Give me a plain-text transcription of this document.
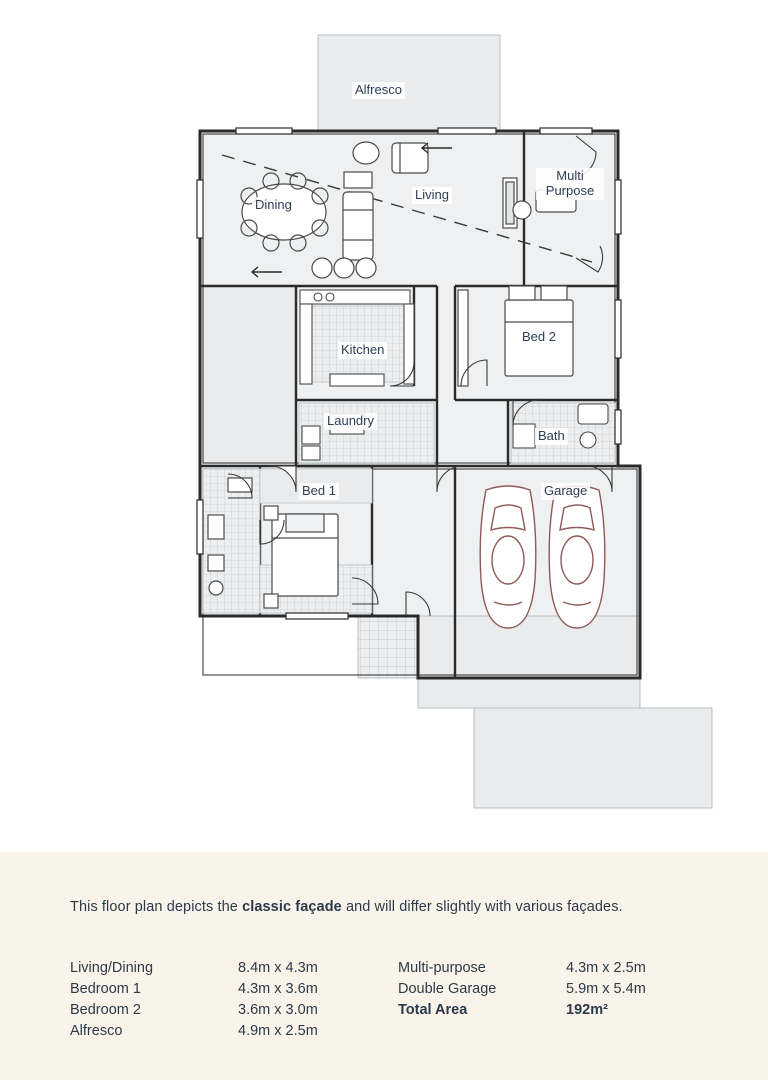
Alfresco
Dining
Living
Multi
Purpose
Kitchen
Bed 2
Laundry
Bath
Bed 1	Garage
This floor plan depicts the classic façade and will differ slightly with various façades.
Living/Dining	8.4m x 4.3m
Bedroom 1	4.3m x 3.6m
Bedroom 2	3.6m x 3.0m
Alfresco	4.9m x 2.5m
Multi-purpose	4.3m x 2.5m
Double Garage	5.9m x 5.4m
Total Area	192m²
